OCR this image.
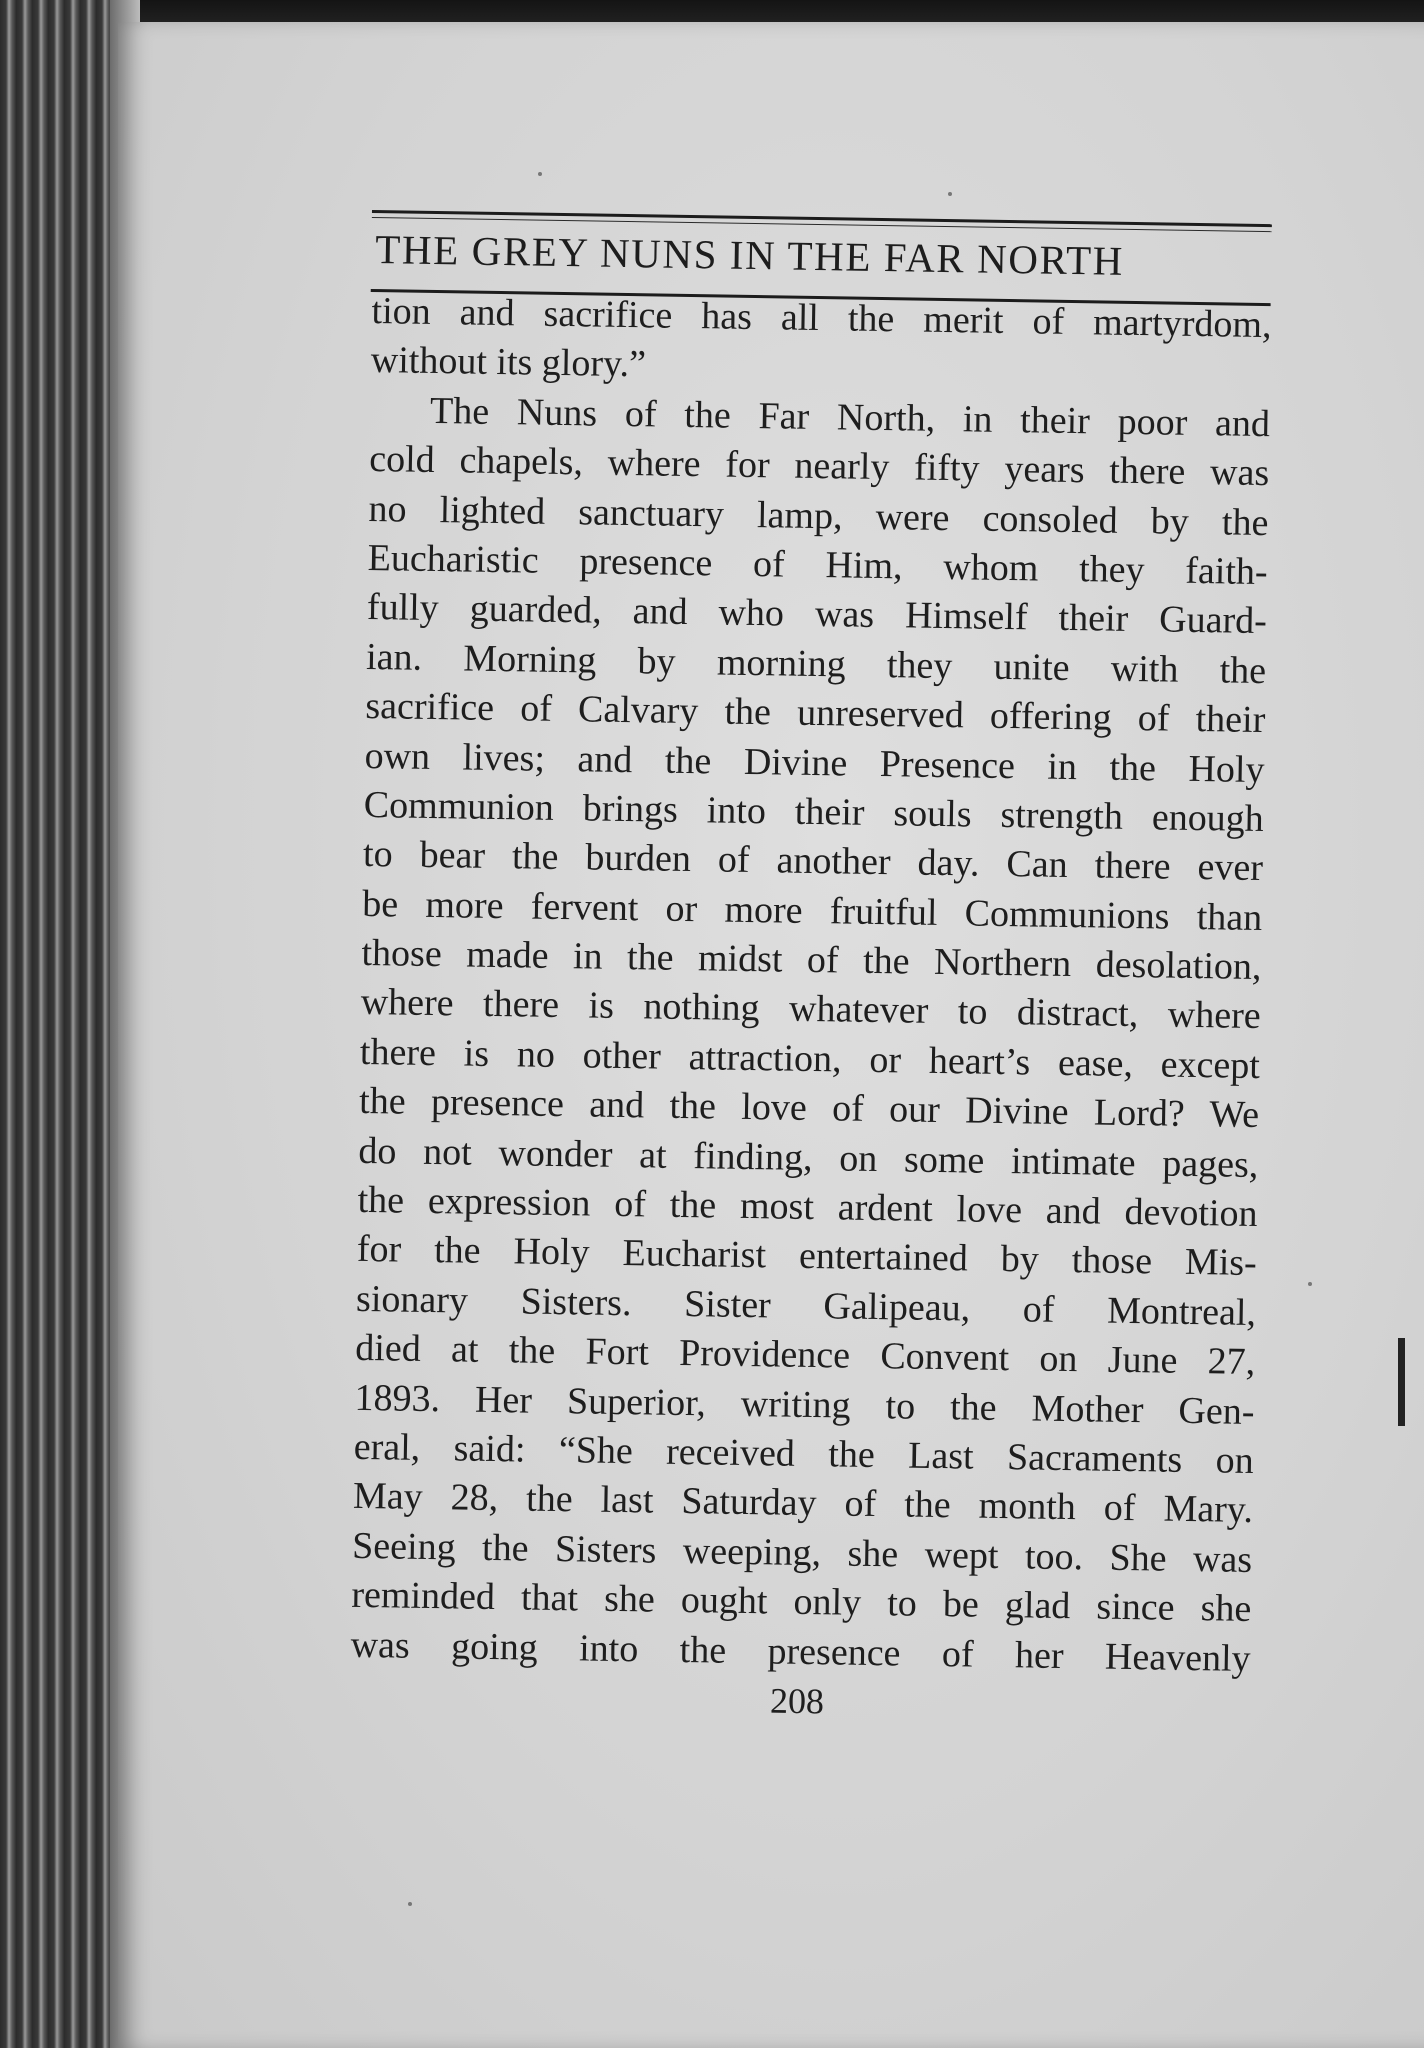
THE GREY NUNS IN THE FAR NORTH
tion and sacrifice has all the merit of martyrdom,
without its glory.”
The Nuns of the Far North, in their poor and
cold chapels, where for nearly fifty years there was
no lighted sanctuary lamp, were consoled by the
Eucharistic presence of Him, whom they faith-
fully guarded, and who was Himself their Guard-
ian. Morning by morning they unite with the
sacrifice of Calvary the unreserved offering of their
own lives; and the Divine Presence in the Holy
Communion brings into their souls strength enough
to bear the burden of another day. Can there ever
be more fervent or more fruitful Communions than
those made in the midst of the Northern desolation,
where there is nothing whatever to distract, where
there is no other attraction, or heart’s ease, except
the presence and the love of our Divine Lord? We
do not wonder at finding, on some intimate pages,
the expression of the most ardent love and devotion
for the Holy Eucharist entertained by those Mis-
sionary Sisters. Sister Galipeau, of Montreal,
died at the Fort Providence Convent on June 27,
1893. Her Superior, writing to the Mother Gen-
eral, said: “She received the Last Sacraments on
May 28, the last Saturday of the month of Mary.
Seeing the Sisters weeping, she wept too. She was
reminded that she ought only to be glad since she
was going into the presence of her Heavenly
208
